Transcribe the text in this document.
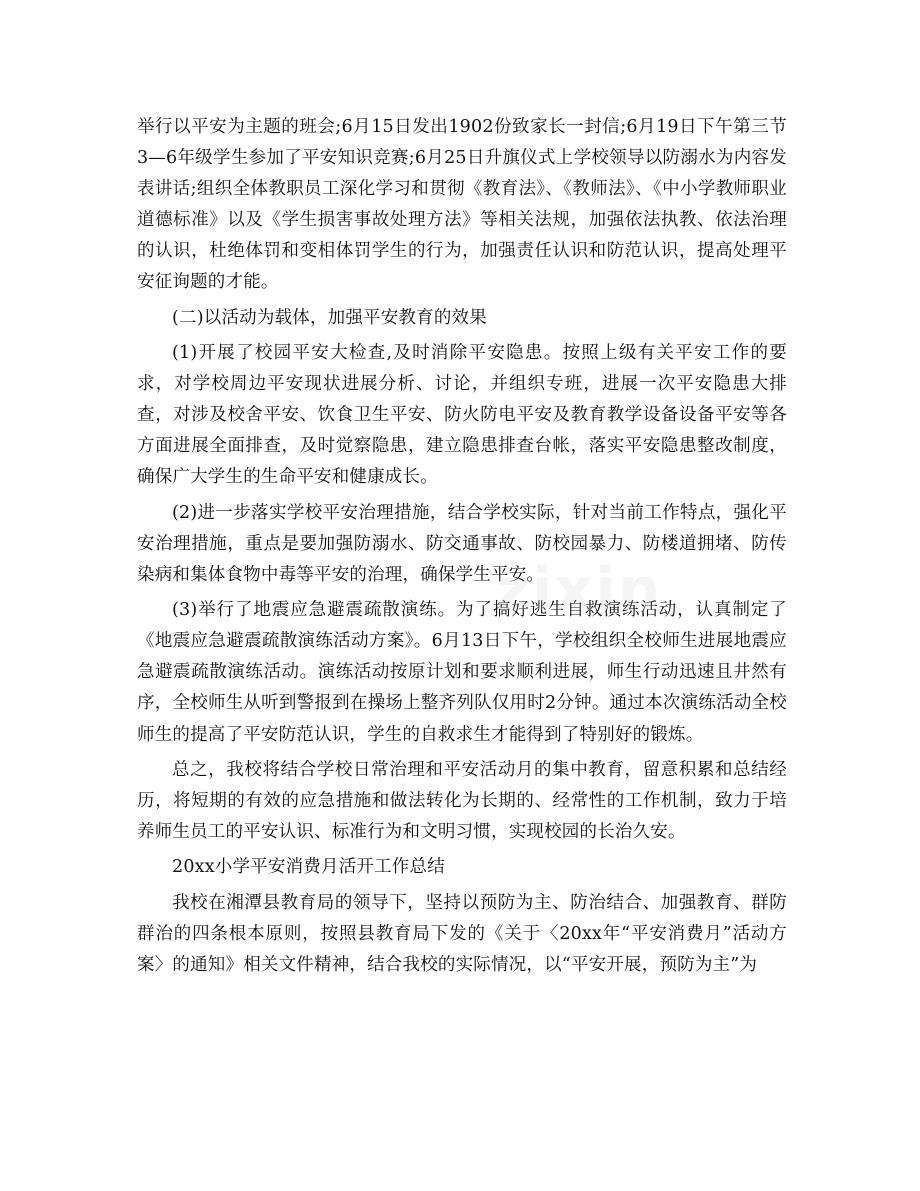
举行以平安为主题的班会;6月15日发出1902份致家长一封信;6月19日下午第三节3—6年级学生参加了平安知识竞赛;6月25日升旗仪式上学校领导以防溺水为内容发表讲话;组织全体教职员工深化学习和贯彻《教育法》、《教师法》、《中小学教师职业道德标准》以及《学生损害事故处理方法》等相关法规，加强依法执教、依法治理的认识，杜绝体罚和变相体罚学生的行为，加强责任认识和防范认识，提高处理平安征询题的才能。

(二)以活动为载体，加强平安教育的效果

(1)开展了校园平安大检查,及时消除平安隐患。按照上级有关平安工作的要求，对学校周边平安现状进展分析、讨论，并组织专班，进展一次平安隐患大排查，对涉及校舍平安、饮食卫生平安、防火防电平安及教育教学设备设备平安等各方面进展全面排查，及时觉察隐患，建立隐患排查台帐，落实平安隐患整改制度，确保广大学生的生命平安和健康成长。

(2)进一步落实学校平安治理措施，结合学校实际，针对当前工作特点，强化平安治理措施，重点是要加强防溺水、防交通事故、防校园暴力、防楼道拥堵、防传染病和集体食物中毒等平安的治理，确保学生平安。

(3)举行了地震应急避震疏散演练。为了搞好逃生自救演练活动，认真制定了《地震应急避震疏散演练活动方案》。6月13日下午，学校组织全校师生进展地震应急避震疏散演练活动。演练活动按原计划和要求顺利进展，师生行动迅速且井然有序，全校师生从听到警报到在操场上整齐列队仅用时2分钟。通过本次演练活动全校师生的提高了平安防范认识，学生的自救求生才能得到了特别好的锻炼。

总之，我校将结合学校日常治理和平安活动月的集中教育，留意积累和总结经历，将短期的有效的应急措施和做法转化为长期的、经常性的工作机制，致力于培养师生员工的平安认识、标准行为和文明习惯，实现校园的长治久安。

20xx小学平安消费月活开工作总结

我校在湘潭县教育局的领导下，坚持以预防为主、防治结合、加强教育、群防群治的四条根本原则，按照县教育局下发的《关于〈20xx年“平安消费月”活动方案〉的通知》相关文件精神，结合我校的实际情况，以“平安开展，预防为主”为

zixin
